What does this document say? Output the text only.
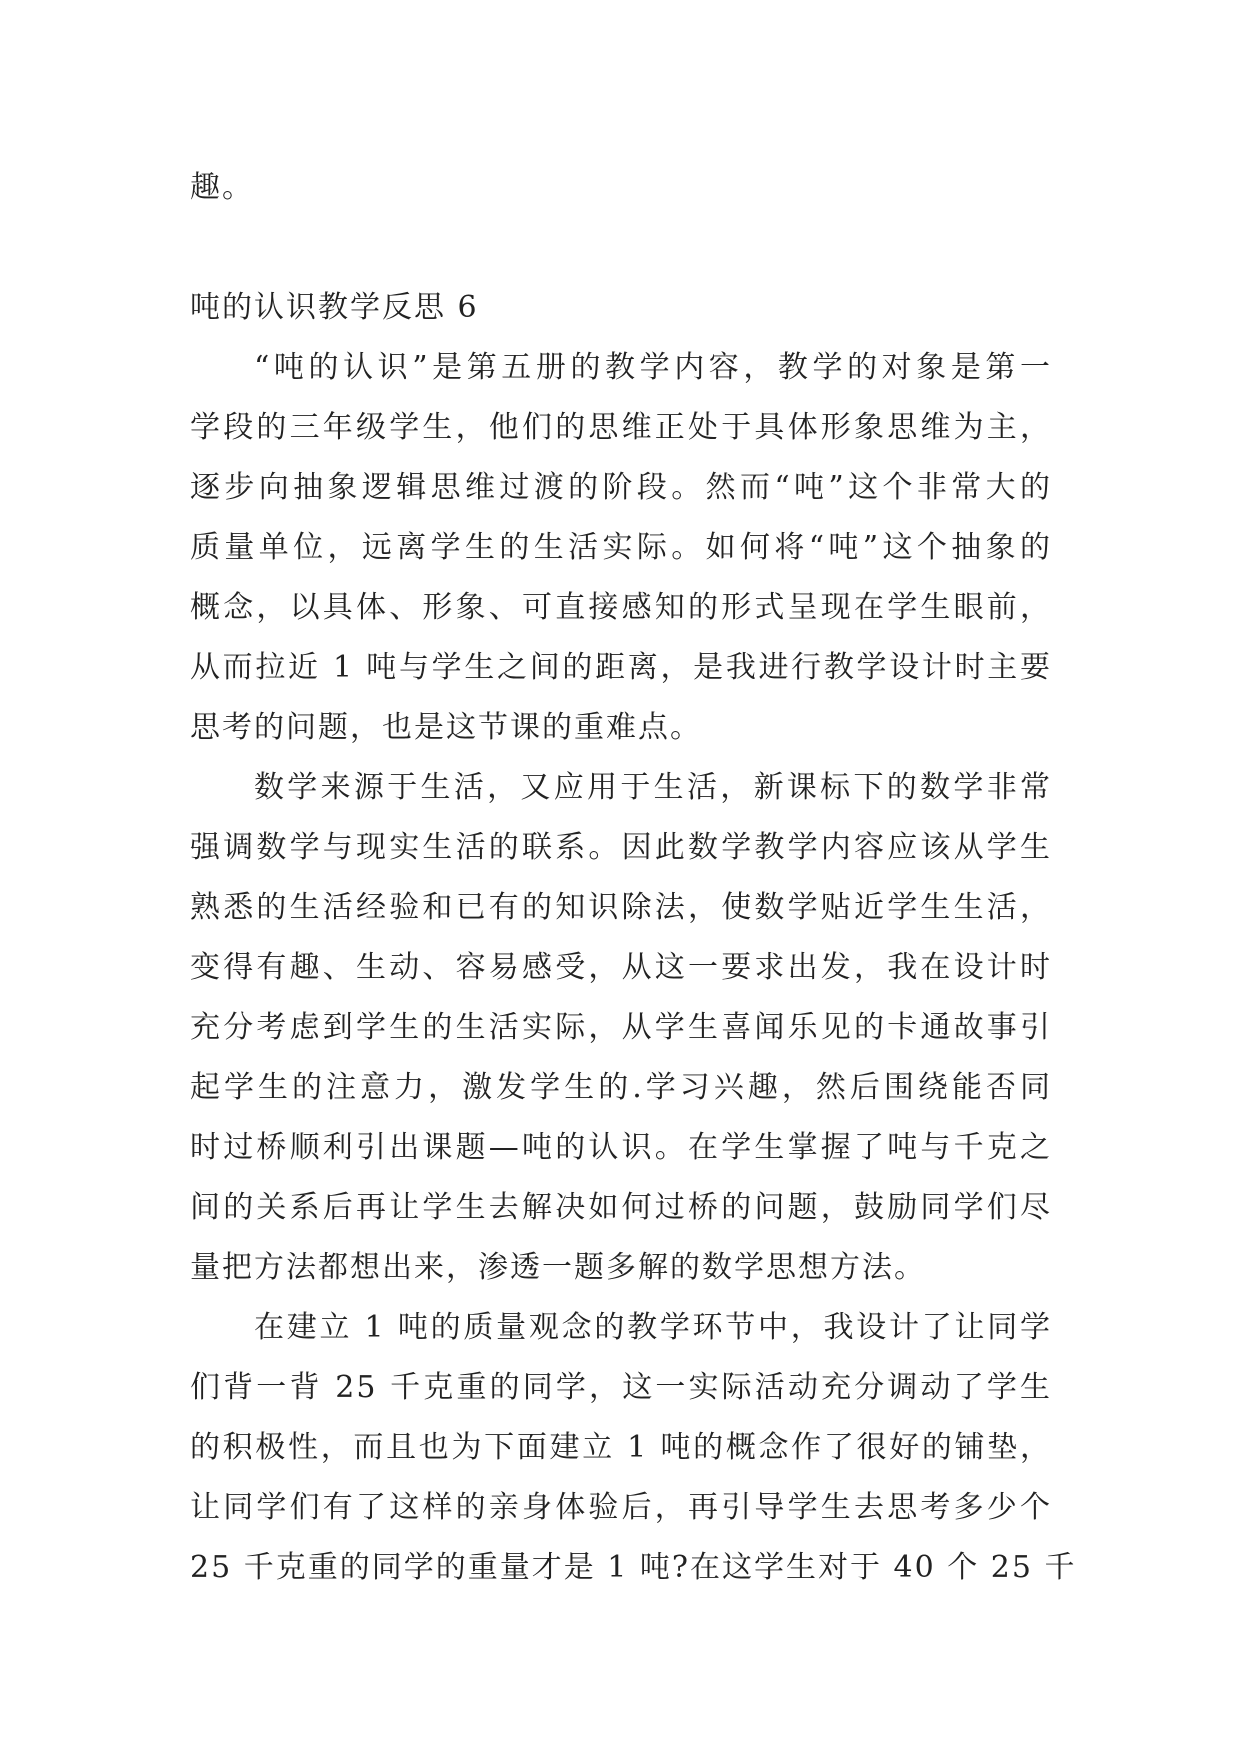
趣。
吨的认识教学反思 6
“吨的认识”是第五册的教学内容，教学的对象是第一
学段的三年级学生，他们的思维正处于具体形象思维为主，
逐步向抽象逻辑思维过渡的阶段。然而“吨”这个非常大的
质量单位，远离学生的生活实际。如何将“吨”这个抽象的
概念，以具体、形象、可直接感知的形式呈现在学生眼前，
从而拉近 1 吨与学生之间的距离，是我进行教学设计时主要
思考的问题，也是这节课的重难点。
数学来源于生活，又应用于生活，新课标下的数学非常
强调数学与现实生活的联系。因此数学教学内容应该从学生
熟悉的生活经验和已有的知识除法，使数学贴近学生生活，
变得有趣、生动、容易感受，从这一要求出发，我在设计时
充分考虑到学生的生活实际，从学生喜闻乐见的卡通故事引
起学生的注意力，激发学生的.学习兴趣，然后围绕能否同
时过桥顺利引出课题—吨的认识。在学生掌握了吨与千克之
间的关系后再让学生去解决如何过桥的问题，鼓励同学们尽
量把方法都想出来，渗透一题多解的数学思想方法。
在建立 1 吨的质量观念的教学环节中，我设计了让同学
们背一背 25 千克重的同学，这一实际活动充分调动了学生
的积极性，而且也为下面建立 1 吨的概念作了很好的铺垫，
让同学们有了这样的亲身体验后，再引导学生去思考多少个
25 千克重的同学的重量才是 1 吨?在这学生对于 40 个 25 千
